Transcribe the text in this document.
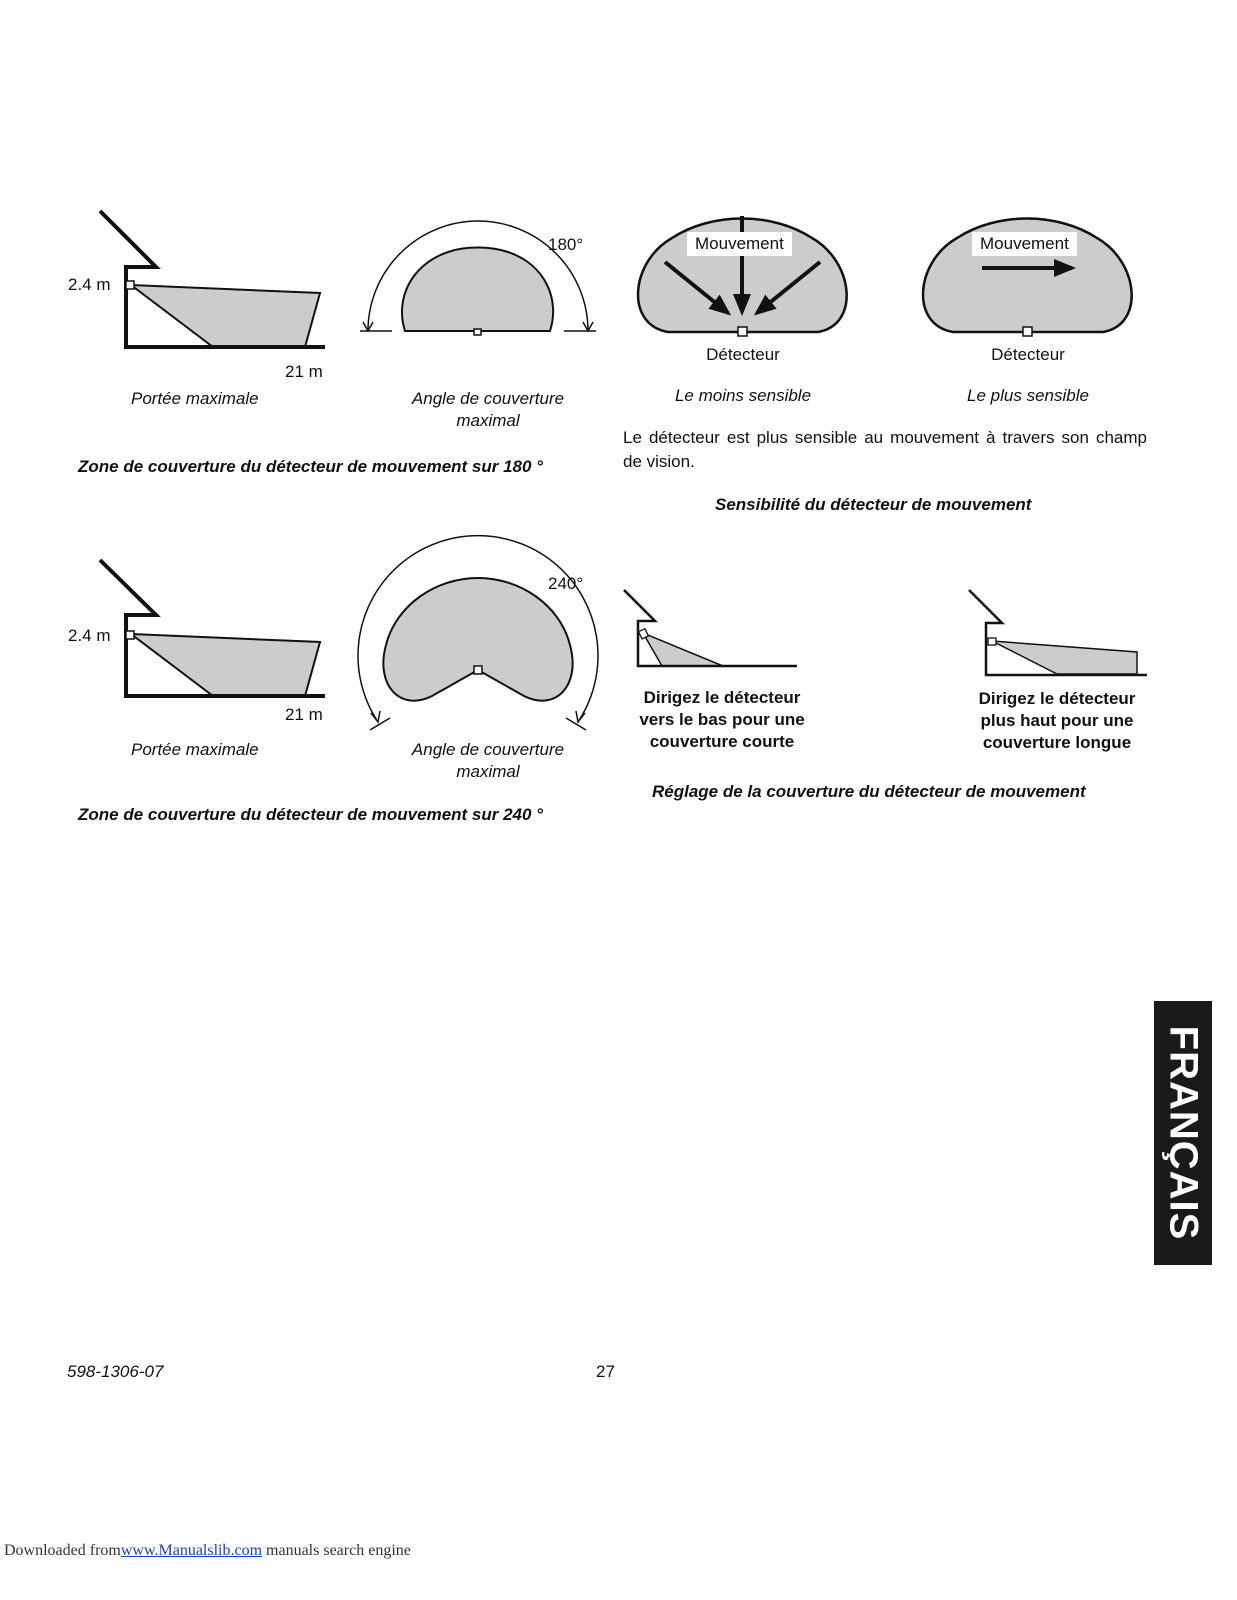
2.4 m
21 m
180°
Portée maximale	Angle de couverture
maximal
Zone de couverture du détecteur de mouvement sur 180 °
Mouvement	Mouvement
Détecteur	Détecteur
Le moins sensible	Le plus sensible
Le détecteur est plus sensible au mouvement à travers son champ de vision.
Sensibilité du détecteur de mouvement
2.4 m
21 m
240°
Portée maximale	Angle de couverture
maximal
Zone de couverture du détecteur de mouvement sur 240 °
Dirigez le détecteur
vers le bas pour une
couverture courte
Dirigez le détecteur
plus haut pour une
couverture longue
Réglage de la couverture du détecteur de mouvement
FRANÇAIS
598-1306-07	27
Downloaded fromwww.Manualslib.com manuals search engine
